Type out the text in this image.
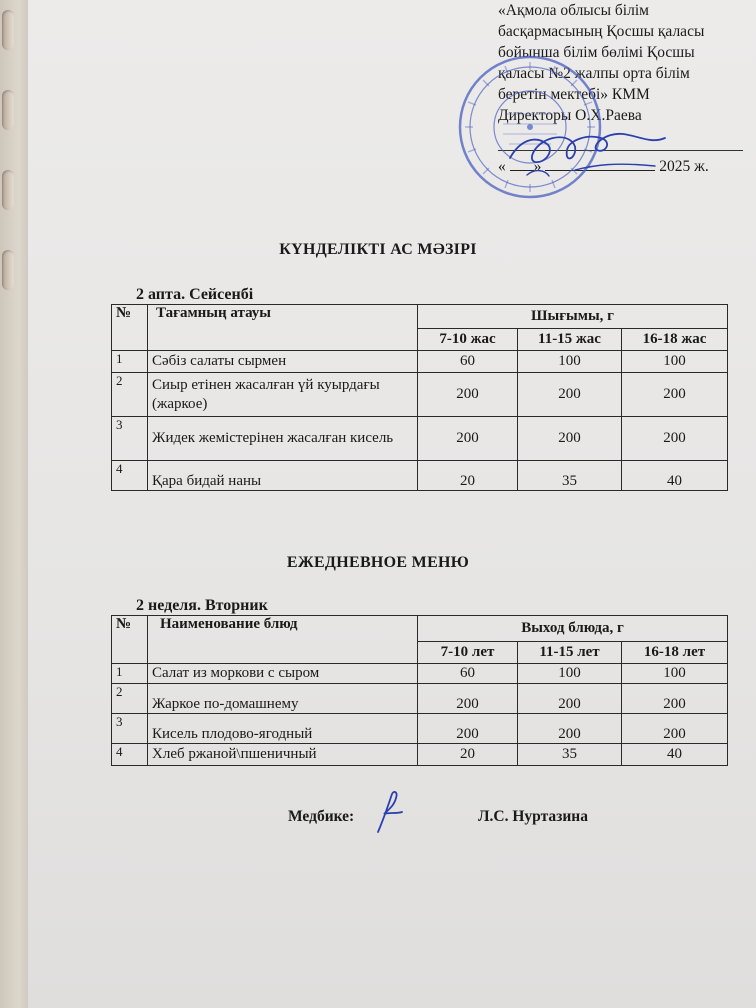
«Ақмола облысы білім
басқармасының Қосшы қаласы
бойынша білім бөлімі Қосшы
қаласы №2 жалпы орта білім
беретін мектебі» КММ
Директоры О.Х.Раева
« »	2025 ж.
КҮНДЕЛІКТІ АС МӘЗІРІ
2 апта. Сейсенбі
№	Тағамның атауы	Шығымы, г		
		7-10 жас	11-15 жас	16-18 жас
1	Сәбіз салаты сырмен	60	100	100
2	Сиыр етінен жасалған үй куырдағы (жаркое)	200	200	200
3	Жидек жемістерінен жасалған кисель	200	200	200
4	Қара бидай наны	20	35	40
ЕЖЕДНЕВНОЕ МЕНЮ
2 неделя. Вторник
№	Наименование блюд	Выход блюда, г		
		7-10 лет	11-15 лет	16-18 лет
1	Салат из моркови с сыром	60	100	100
2	Жаркое по-домашнему	200	200	200
3	Кисель плодово-ягодный	200	200	200
4	Хлеб ржаной\пшеничный	20	35	40
Медбике:	Л.С. Нуртазина
